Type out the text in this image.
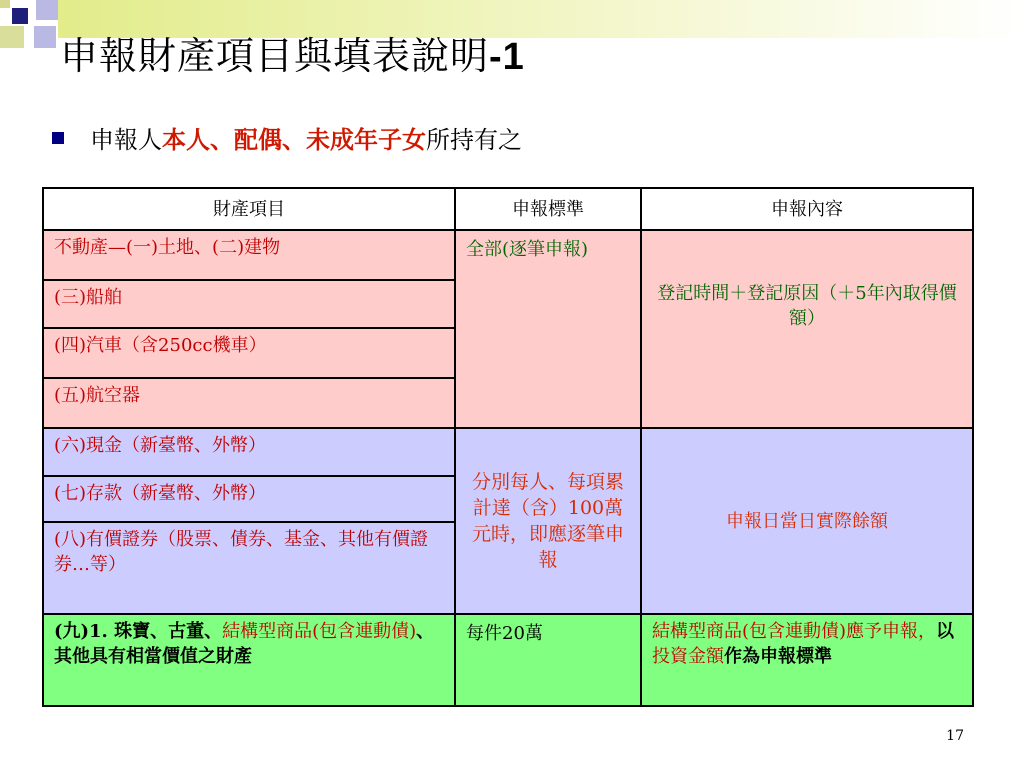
申報財產項目與填表說明-1
申報人 本人、配偶、未成年子女 所持有之
財產項目	申報標準	申報內容
不動產—(一)土地、(二)建物	全部(逐筆申報)	登記時間＋登記原因（＋5年內取得價額）
(三)船舶		
(四)汽車（含250cc機車）		
(五)航空器		
(六)現金（新臺幣、外幣）	分別每人、每項累計達（含）100萬元時，即應逐筆申報	申報日當日實際餘額
(七)存款（新臺幣、外幣）		
(八)有價證券（股票、債券、基金、其他有價證券…等）		
(九)1. 珠寶、古董、結構型商品(包含連動債)、其他具有相當價值之財產	每件20萬	結構型商品(包含連動債)應予申報，以投資金額作為申報標準
17
